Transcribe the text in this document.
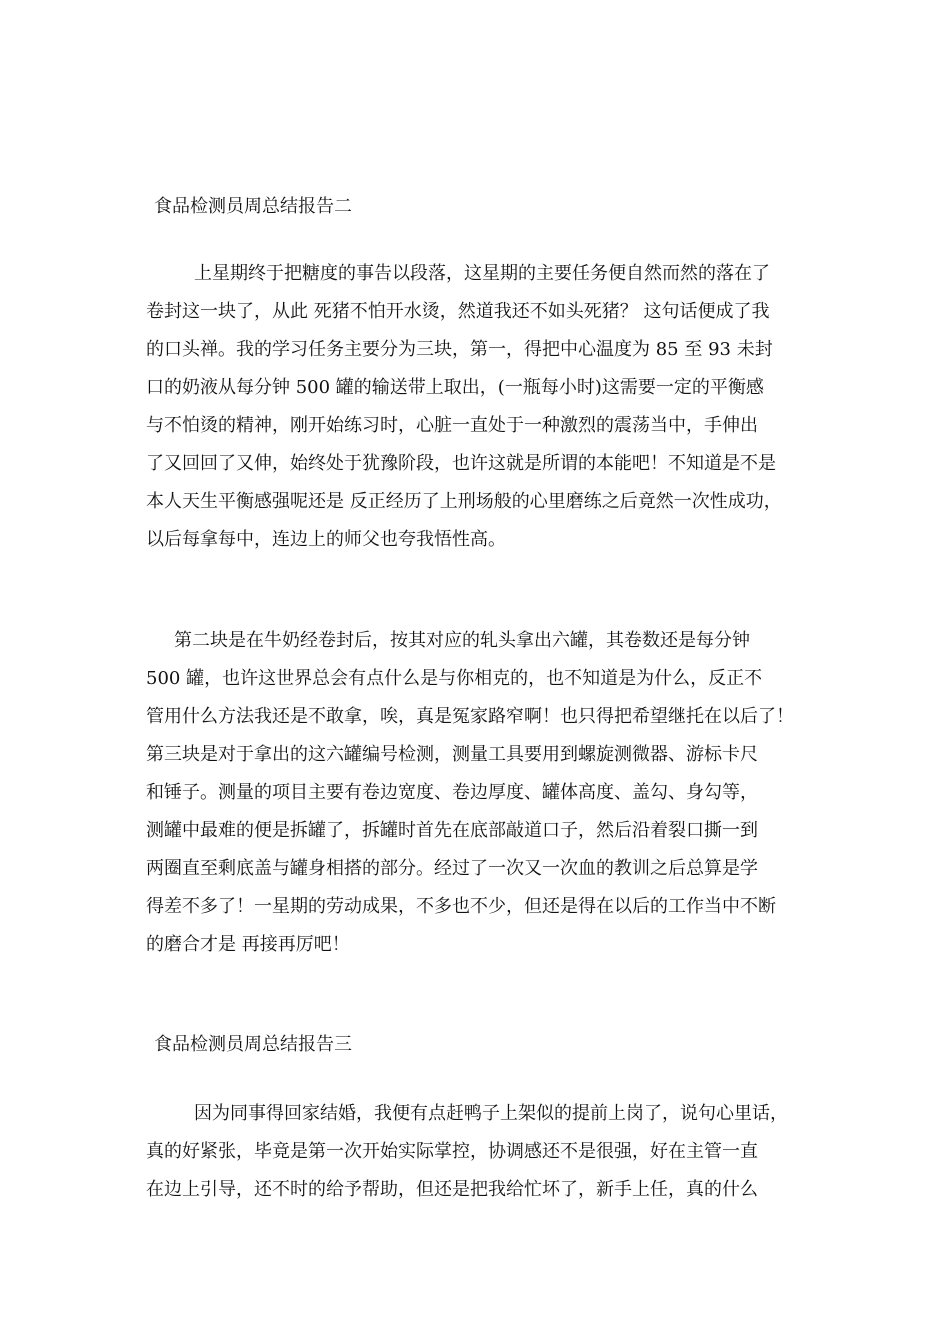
食品检测员周总结报告二
上星期终于把糖度的事告以段落，这星期的主要任务便自然而然的落在了
卷封这一块了，从此 死猪不怕开水烫，然道我还不如头死猪？ 这句话便成了我
的口头禅。我的学习任务主要分为三块，第一，得把中心温度为 85 至 93 未封
口的奶液从每分钟 500 罐的输送带上取出，(一瓶每小时)这需要一定的平衡感
与不怕烫的精神，刚开始练习时，心脏一直处于一种激烈的震荡当中，手伸出
了又回回了又伸，始终处于犹豫阶段，也许这就是所谓的本能吧！不知道是不是
本人天生平衡感强呢还是 反正经历了上刑场般的心里磨练之后竟然一次性成功，
以后每拿每中，连边上的师父也夸我悟性高。
第二块是在牛奶经卷封后，按其对应的轧头拿出六罐，其卷数还是每分钟
500 罐，也许这世界总会有点什么是与你相克的，也不知道是为什么，反正不
管用什么方法我还是不敢拿，唉，真是冤家路窄啊！也只得把希望继托在以后了！
第三块是对于拿出的这六罐编号检测，测量工具要用到螺旋测微器、游标卡尺
和锤子。测量的项目主要有卷边宽度、卷边厚度、罐体高度、盖勾、身勾等，
测罐中最难的便是拆罐了，拆罐时首先在底部敲道口子，然后沿着裂口撕一到
两圈直至剩底盖与罐身相搭的部分。经过了一次又一次血的教训之后总算是学
得差不多了！一星期的劳动成果，不多也不少，但还是得在以后的工作当中不断
的磨合才是 再接再厉吧！
食品检测员周总结报告三
因为同事得回家结婚，我便有点赶鸭子上架似的提前上岗了，说句心里话，
真的好紧张，毕竟是第一次开始实际掌控，协调感还不是很强，好在主管一直
在边上引导，还不时的给予帮助，但还是把我给忙坏了，新手上任，真的什么
